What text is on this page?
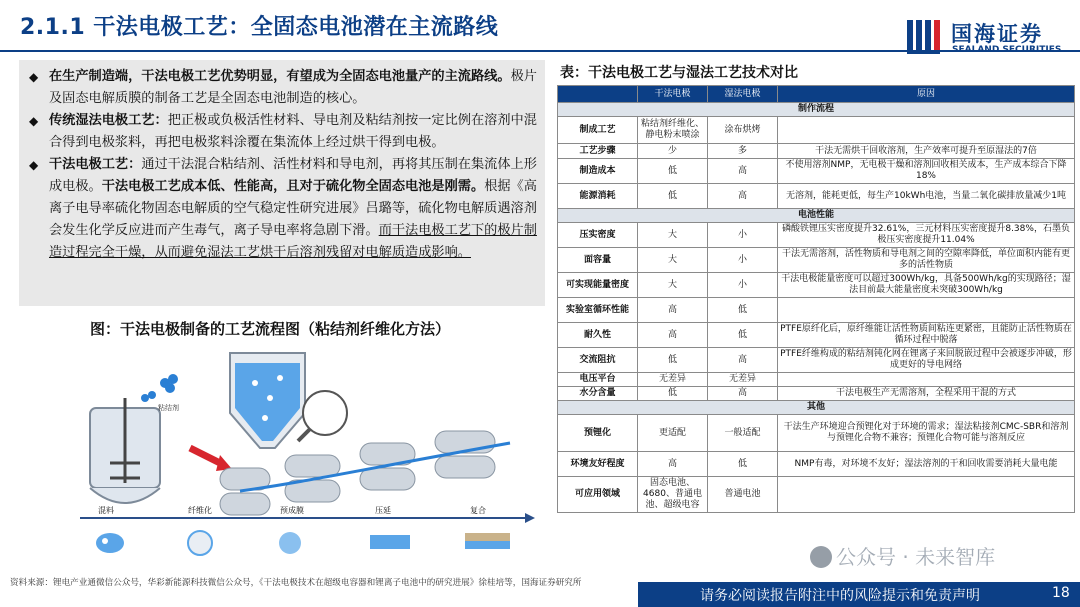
2.1.1 干法电极工艺：全固态电池潜在主流路线	国海证券
◆ 在生产制造端，干法电极工艺优势明显，有望成为全固态电池量产的主流路线。极片及固态电解质膜的制备工艺是全固态电池制造的核心。
◆ 传统湿法电极工艺：把正极或负极活性材料、导电剂及粘结剂按一定比例在溶剂中混合得到电极浆料，再把电极浆料涂覆在集流体上经过烘干得到电极。
◆ 干法电极工艺：通过干法混合粘结剂、活性材料和导电剂，再将其压制在集流体上形成电极。干法电极工艺成本低、性能高，且对于硫化物全固态电池是刚需。根据《高离子电导率硫化物固态电解质的空气稳定性研究进展》吕璐等，硫化物电解质遇溶剂会发生化学反应进而产生毒气，离子导电率将急剧下滑。而干法电极工艺下的极片制造过程完全干燥，从而避免湿法工艺烘干后溶剂残留对电解质造成影响。
图：干法电极制备的工艺流程图（粘结剂纤维化方法）
粘结剂
混料	纤维化	预成膜	压延	复合
表：干法电极工艺与湿法工艺技术对比
	干法电极	湿法电极	原因
制作流程			
制成工艺	粘结剂纤维化、静电粉末喷涂	涂布烘烤	
工艺步骤	少	多	干法无需烘干回收溶剂，生产效率可提升至原湿法的7倍
制造成本	低	高	不使用溶剂NMP，无电极干燥和溶剂回收相关成本，生产成本综合下降18%
能源消耗	低	高	无溶剂，能耗更低，每生产10kWh电池，当量二氧化碳排放量减少1吨
电池性能			
压实密度	大	小	磷酸铁锂压实密度提升32.61%，三元材料压实密度提升8.38%，石墨负极压实密度提升11.04%
面容量	大	小	干法无需溶剂，活性物质和导电剂之间的空隙率降低，单位面积内能有更多的活性物质
可实现能量密度	大	小	干法电极能量密度可以超过300Wh/kg，具备500Wh/kg的实现路径；湿法目前最大能量密度未突破300Wh/kg
实验室循环性能	高	低	
耐久性	高	低	PTFE原纤化后，原纤维能让活性物质间粘连更紧密，且能防止活性物质在循环过程中脱落
交流阻抗	低	高	PTFE纤维构成的粘结剂钝化网在锂离子来回脱嵌过程中会被逐步冲破，形成更好的导电网络
电压平台	无差异	无差异	
水分含量	低	高	干法电极生产无需溶剂，全程采用干混的方式
其他			
预锂化	更适配	一般适配	干法生产环境迎合预锂化对于环境的需求；湿法粘接剂CMC-SBR和溶剂与预锂化合物不兼容；预锂化合物可能与溶剂反应
环境友好程度	高	低	NMP有毒，对环境不友好；湿法溶剂的干和回收需要消耗大量电能
可应用领域	固态电池、4680、普通电池、超级电容	普通电池	
公众号 · 未来智库
资料来源：锂电产业通微信公众号，华彩新能源科技微信公众号，《干法电极技术在超级电容器和锂离子电池中的研究进展》徐桂培等，国海证券研究所
请务必阅读报告附注中的风险提示和免责声明	18
